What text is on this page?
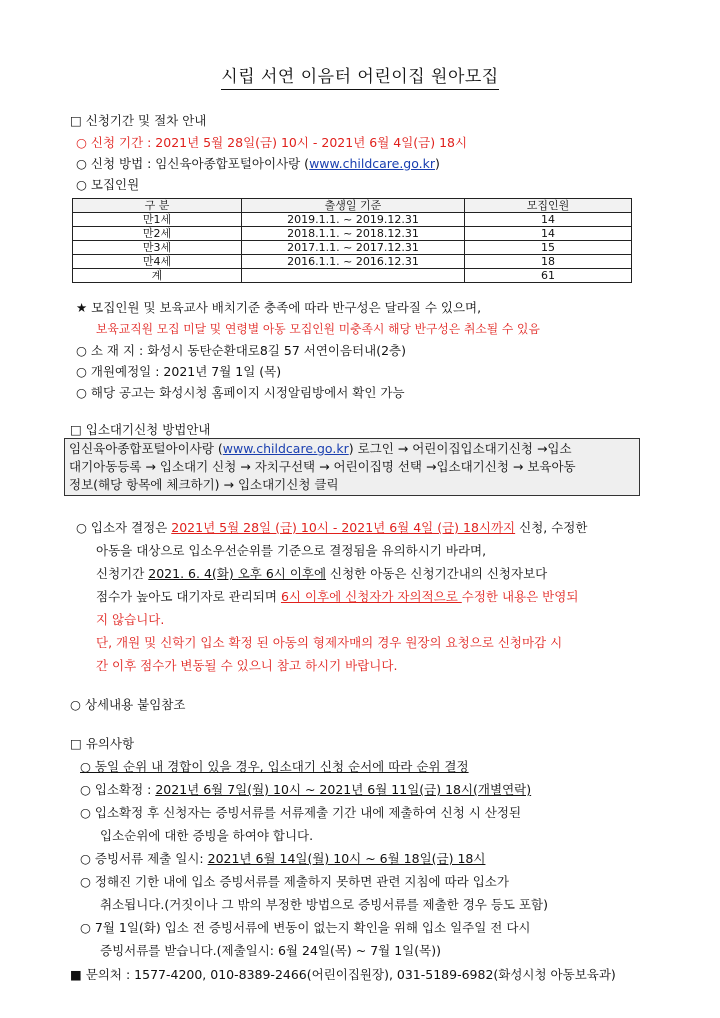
시립 서연 이음터 어린이집 원아모집
□ 신청기간 및 절차 안내
○ 신청 기간 : 2021년 5월 28일(금) 10시 - 2021년 6월 4일(금) 18시
○ 신청 방법 : 임신육아종합포털아이사랑 (www.childcare.go.kr)
○ 모집인원
구 분	출생일 기준	모집인원
만1세	2019.1.1. ~ 2019.12.31	14
만2세	2018.1.1. ~ 2018.12.31	14
만3세	2017.1.1. ~ 2017.12.31	15
만4세	2016.1.1. ~ 2016.12.31	18
계		61
★ 모집인원 및 보육교사 배치기준 충족에 따라 반구성은 달라질 수 있으며,
보육교직원 모집 미달 및 연령별 아동 모집인원 미충족시 해당 반구성은 취소될 수 있음
○ 소 재 지 : 화성시 동탄순환대로8길 57 서연이음터내(2층)
○ 개원예정일 : 2021년 7월 1일 (목)
○ 해당 공고는 화성시청 홈페이지 시정알림방에서 확인 가능
□ 입소대기신청 방법안내
임신육아종합포털아이사랑 (www.childcare.go.kr) 로그인 → 어린이집입소대기신청 →입소
대기아동등록 → 입소대기 신청 → 자치구선택 → 어린이집명 선택 →입소대기신청 → 보육아동
정보(해당 항목에 체크하기) → 입소대기신청 클릭
○ 입소자 결정은 2021년 5월 28일 (금) 10시 - 2021년 6월 4일 (금) 18시까지 신청, 수정한
아동을 대상으로 입소우선순위를 기준으로 결정됨을 유의하시기 바라며,
신청기간 2021. 6. 4(화) 오후 6시 이후에 신청한 아동은 신청기간내의 신청자보다
점수가 높아도 대기자로 관리되며 6시 이후에 신청자가 자의적으로 수정한 내용은 반영되
지 않습니다.
단, 개원 및 신학기 입소 확정 된 아동의 형제자매의 경우 원장의 요청으로 신청마감 시
간 이후 점수가 변동될 수 있으니 참고 하시기 바랍니다.
○ 상세내용 붙임참조
□ 유의사항
○ 동일 순위 내 경합이 있을 경우, 입소대기 신청 순서에 따라 순위 결정
○ 입소확정 : 2021년 6월 7일(월) 10시 ~ 2021년 6월 11일(금) 18시(개별연락)
○ 입소확정 후 신청자는 증빙서류를 서류제출 기간 내에 제출하여 신청 시 산정된
입소순위에 대한 증빙을 하여야 합니다.
○ 증빙서류 제출 일시: 2021년 6월 14일(월) 10시 ~ 6월 18일(금) 18시
○ 정해진 기한 내에 입소 증빙서류를 제출하지 못하면 관련 지침에 따라 입소가
취소됩니다.(거짓이나 그 밖의 부정한 방법으로 증빙서류를 제출한 경우 등도 포함)
○ 7월 1일(화) 입소 전 증빙서류에 변동이 없는지 확인을 위해 입소 일주일 전 다시
증빙서류를 받습니다.(제출일시: 6월 24일(목) ~ 7월 1일(목))
■ 문의처 : 1577-4200, 010-8389-2466(어린이집원장), 031-5189-6982(화성시청 아동보육과)
